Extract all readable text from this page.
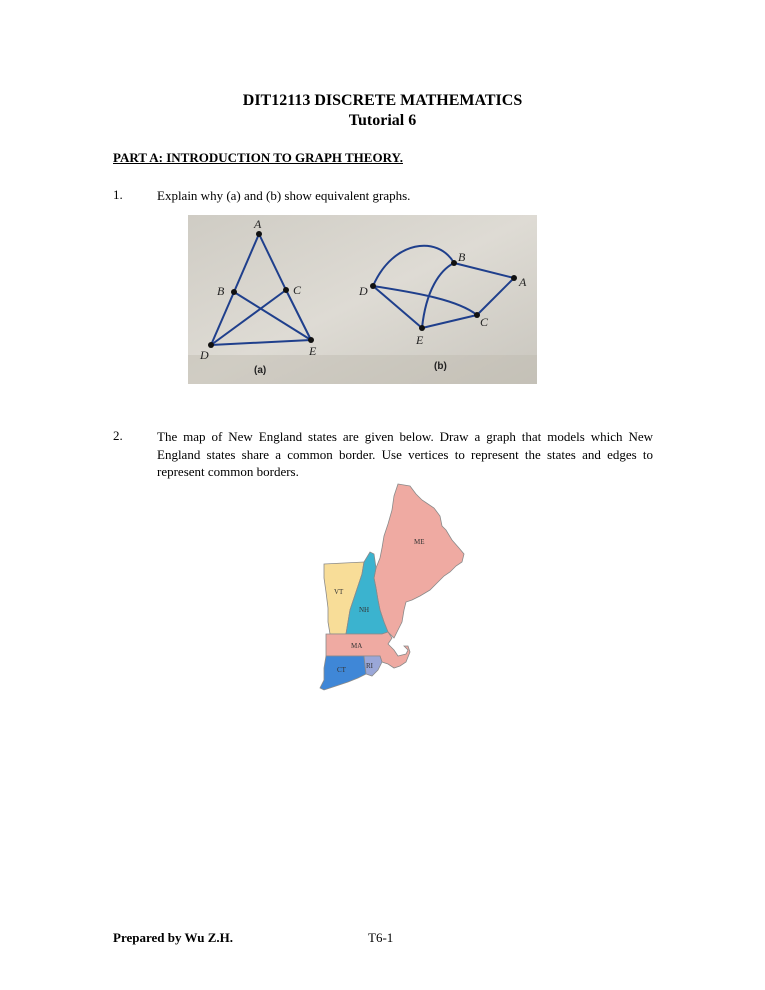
DIT12113 DISCRETE MATHEMATICS
Tutorial 6
PART A: INTRODUCTION TO GRAPH THEORY.
1.	Explain why (a) and (b) show equivalent graphs.
A
B	C
D	E
(a)
A
B
C
D
E
(b)
2.	The map of New England states are given below. Draw a graph that models which New England states share a common border. Use vertices to represent the states and edges to represent common borders.
ME
VT
NH
MA
CT	RI
Prepared by Wu Z.H.	T6-1
